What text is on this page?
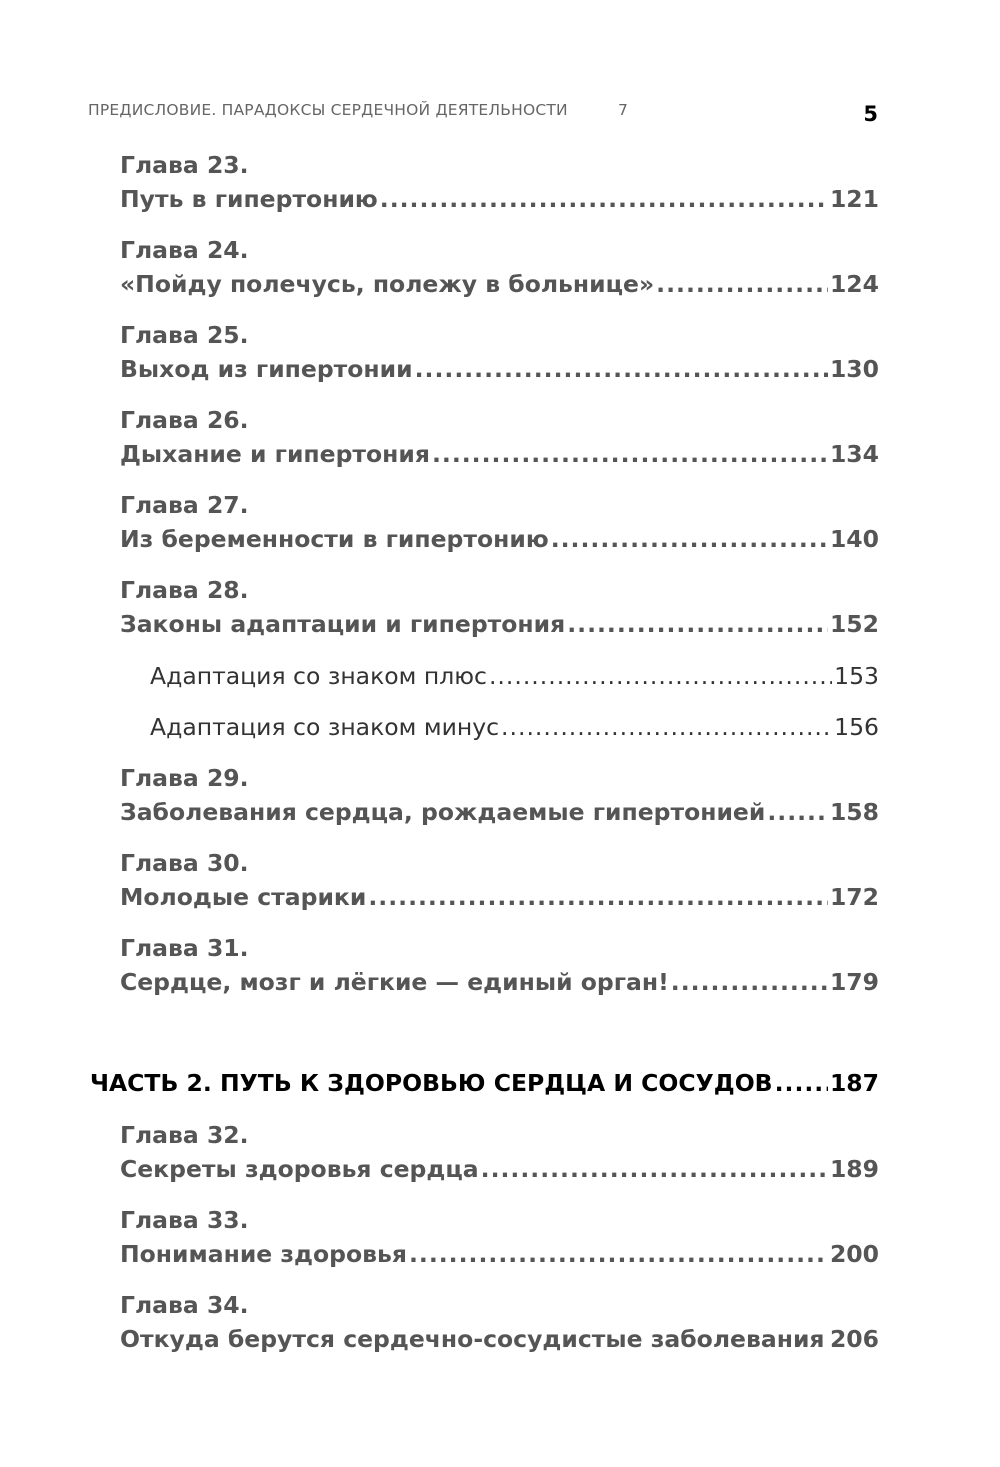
ПРЕДИСЛОВИЕ. ПАРАДОКСЫ СЕРДЕЧНОЙ ДЕЯТЕЛЬНОСТИ	7	5
Глава 23.
Путь в гипертонию .....	121
Глава 24.
«Пойду полечусь, полежу в больнице» .....	124
Глава 25.
Выход из гипертонии .....	130
Глава 26.
Дыхание и гипертония .....	134
Глава 27.
Из беременности в гипертонию .....	140
Глава 28.
Законы адаптации и гипертония .....	152
Адаптация со знаком плюс .....	153
Адаптация со знаком минус .....	156
Глава 29.
Заболевания сердца, рождаемые гипертонией .....	158
Глава 30.
Молодые старики .....	172
Глава 31.
Сердце, мозг и лёгкие — единый орган! .....	179
ЧАСТЬ 2. ПУТЬ К ЗДОРОВЬЮ СЕРДЦА И СОСУДОВ ..... 187
Глава 32.
Секреты здоровья сердца .....	189
Глава 33.
Понимание здоровья .....	200
Глава 34.
Откуда берутся сердечно-сосудистые заболевания ..... 206
